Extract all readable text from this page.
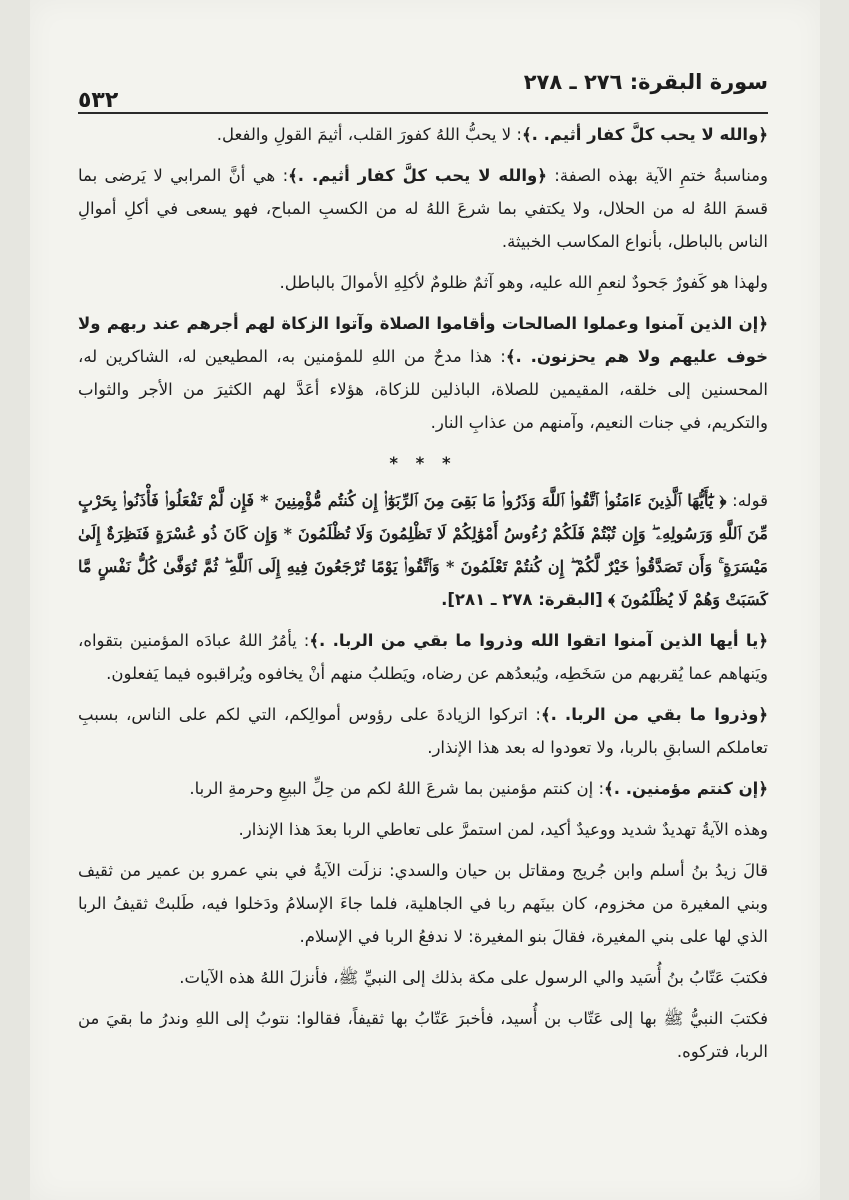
سورة البقرة: ٢٧٦ ـ ٢٧٨
٥٣٢

﴿والله لا يحب كلَّ كفار أثيم. .﴾: لا يحبُّ اللهُ كفورَ القلب، أثيمَ القولِ والفعل.

ومناسبةُ ختمِ الآية بهذه الصفة: ﴿والله لا يحب كلَّ كفار أثيم. .﴾: هي أنَّ المرابي لا يَرضى بما قسمَ اللهُ له من الحلال، ولا يكتفي بما شرعَ اللهُ له من الكسبِ المباح، فهو يسعى في أكلِ أموالِ الناس بالباطل، بأنواع المكاسب الخبيثة.

ولهذا هو كَفورٌ جَحودٌ لنعمِ الله عليه، وهو آثمٌ ظلومٌ لأكلِهِ الأموالَ بالباطل.

﴿إن الذين آمنوا وعملوا الصالحات وأقاموا الصلاة وآتوا الزكاة لهم أجرهم عند ربهم ولا خوف عليهم ولا هم يحزنون. .﴾: هذا مدحٌ من اللهِ للمؤمنين به، المطيعين له، الشاكرين له، المحسنين إلى خلقه، المقيمين للصلاة، الباذلين للزكاة، هؤلاء أعَدَّ لهم الكثيرَ من الأجر والثواب والتكريم، في جنات النعيم، وآمنهم من عذابِ النار.

* * *

قوله: ﴿ يَٰٓأَيُّهَا ٱلَّذِينَ ءَامَنُوا۟ ٱتَّقُوا۟ ٱللَّهَ وَذَرُوا۟ مَا بَقِىَ مِنَ ٱلرِّبَوٰٓا۟ إِن كُنتُم مُّؤْمِنِينَ * فَإِن لَّمْ تَفْعَلُوا۟ فَأْذَنُوا۟ بِحَرْبٍ مِّنَ ٱللَّهِ وَرَسُولِهِۦ ۖ وَإِن تُبْتُمْ فَلَكُمْ رُءُوسُ أَمْوَٰلِكُمْ لَا تَظْلِمُونَ وَلَا تُظْلَمُونَ * وَإِن كَانَ ذُو عُسْرَةٍ فَنَظِرَةٌ إِلَىٰ مَيْسَرَةٍ ۚ وَأَن تَصَدَّقُوا۟ خَيْرٌ لَّكُمْ ۖ إِن كُنتُمْ تَعْلَمُونَ * وَٱتَّقُوا۟ يَوْمًا تُرْجَعُونَ فِيهِ إِلَى ٱللَّهِ ۖ ثُمَّ تُوَفَّىٰ كُلُّ نَفْسٍ مَّا كَسَبَتْ وَهُمْ لَا يُظْلَمُونَ ﴾ [البقرة: ٢٧٨ ـ ٢٨١].

﴿يا أيها الذين آمنوا اتقوا الله وذروا ما بقي من الربا. .﴾: يأمُرُ اللهُ عبادَه المؤمنين بتقواه، ويَنهاهم عما يُقربهم من سَخَطِه، ويُبعدُهم عن رضاه، ويَطلبُ منهم أنْ يخافوه ويُراقبوه فيما يَفعلون.

﴿وذروا ما بقي من الربا. .﴾: اتركوا الزيادةَ على رؤوس أموالِكم، التي لكم على الناس، بسببِ تعاملكم السابقِ بالربا، ولا تعودوا له بعد هذا الإنذار.

﴿إن كنتم مؤمنين. .﴾: إن كنتم مؤمنين بما شرعَ اللهُ لكم من حِلِّ البيعِ وحرمةِ الربا.

وهذه الآيةُ تهديدٌ شديد ووعيدٌ أكيد، لمن استمرَّ على تعاطي الربا بعدَ هذا الإنذار.

قالَ زيدُ بنُ أسلم وابن جُريج ومقاتل بن حيان والسدي: نزلَت الآيةُ في بني عمرو بن عمير من ثقيف وبني المغيرة من مخزوم، كان بينَهم ربا في الجاهلية، فلما جاءَ الإسلامُ ودَخلوا فيه، طَلبتْ ثقيفُ الربا الذي لها على بني المغيرة، فقالَ بنو المغيرة: لا ندفعُ الربا في الإسلام.

فكتبَ عَتّابُ بنُ أُسَيد والي الرسول على مكة بذلك إلى النبيِّ ﷺ، فأنزلَ اللهُ هذه الآيات.

فكتبَ النبيُّ ﷺ بها إلى عَتّاب بن أُسيد، فأخبرَ عَتّابُ بها ثقيفاً، فقالوا: نتوبُ إلى اللهِ وندرُ ما بقيَ من الربا، فتركوه.
